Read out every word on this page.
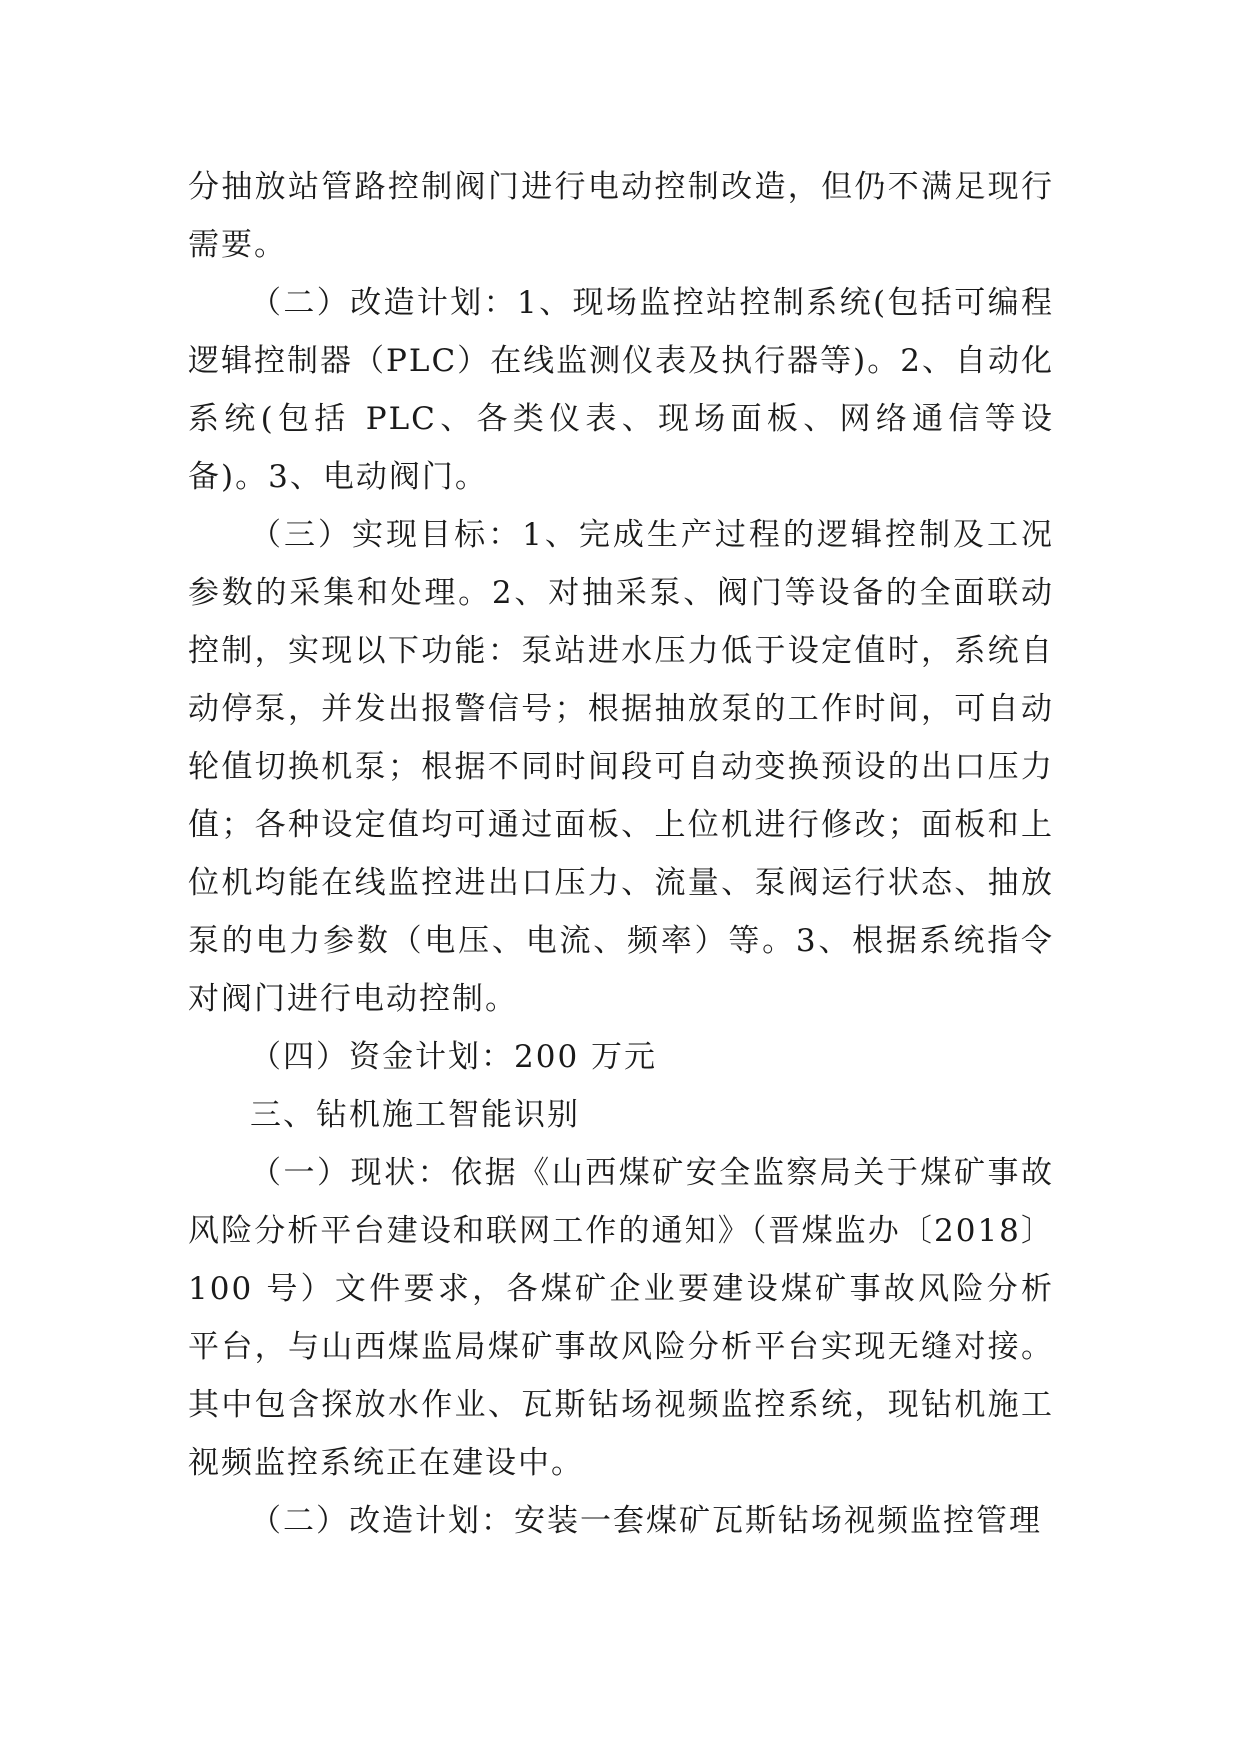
分抽放站管路控制阀门进行电动控制改造，但仍不满足现行需要。

（二）改造计划：1、现场监控站控制系统(包括可编程逻辑控制器（PLC）在线监测仪表及执行器等)。2、自动化系统(包括 PLC、各类仪表、现场面板、网络通信等设备)。3、电动阀门。

（三）实现目标：1、完成生产过程的逻辑控制及工况参数的采集和处理。2、对抽采泵、阀门等设备的全面联动控制，实现以下功能：泵站进水压力低于设定值时，系统自动停泵，并发出报警信号；根据抽放泵的工作时间，可自动轮值切换机泵；根据不同时间段可自动变换预设的出口压力值；各种设定值均可通过面板、上位机进行修改；面板和上位机均能在线监控进出口压力、流量、泵阀运行状态、抽放泵的电力参数（电压、电流、频率）等。3、根据系统指令对阀门进行电动控制。

（四）资金计划：200 万元

三、钻机施工智能识别

（一）现状：依据《山西煤矿安全监察局关于煤矿事故风险分析平台建设和联网工作的通知》（晋煤监办〔2018〕100 号）文件要求，各煤矿企业要建设煤矿事故风险分析平台，与山西煤监局煤矿事故风险分析平台实现无缝对接。其中包含探放水作业、瓦斯钻场视频监控系统，现钻机施工视频监控系统正在建设中。

（二）改造计划：安装一套煤矿瓦斯钻场视频监控管理
